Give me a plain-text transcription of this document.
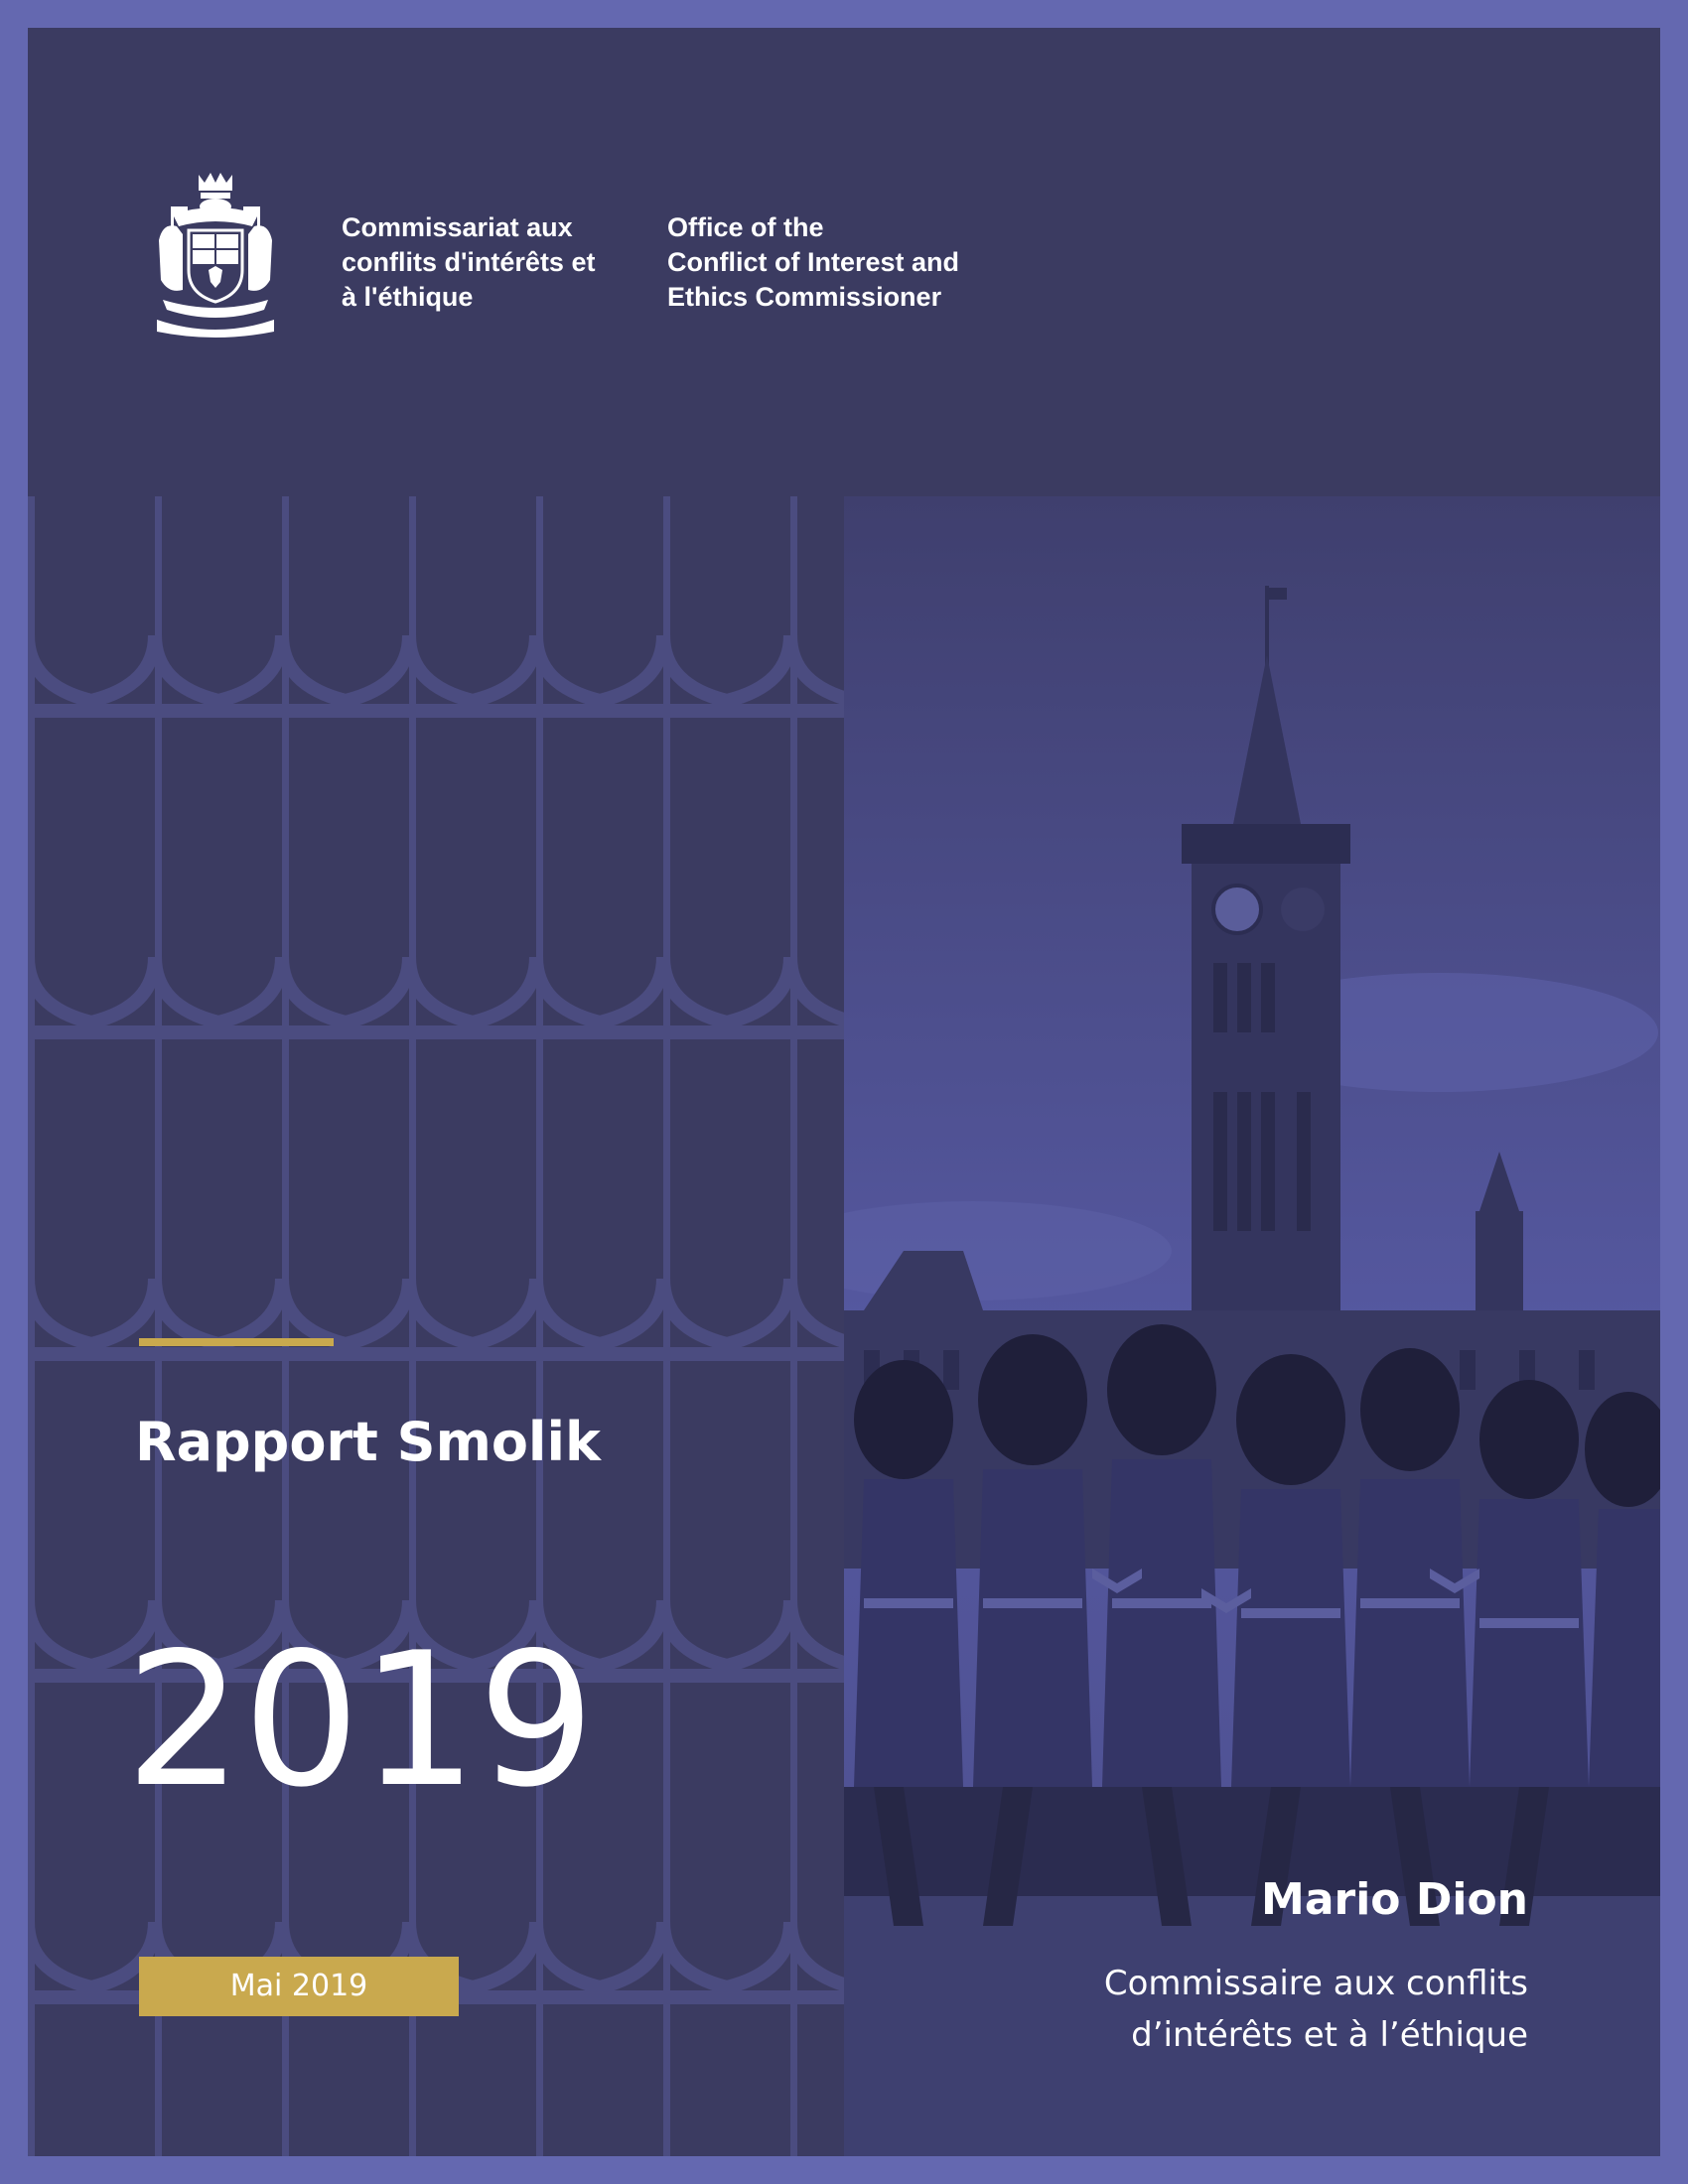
Commissariat aux
conflits d'intérêts et
à l'éthique
Office of the
Conflict of Interest and
Ethics Commissioner
Rapport Smolik
2019
Mai 2019
Mario Dion
Commissaire aux conflits
d’intérêts et à l’éthique
